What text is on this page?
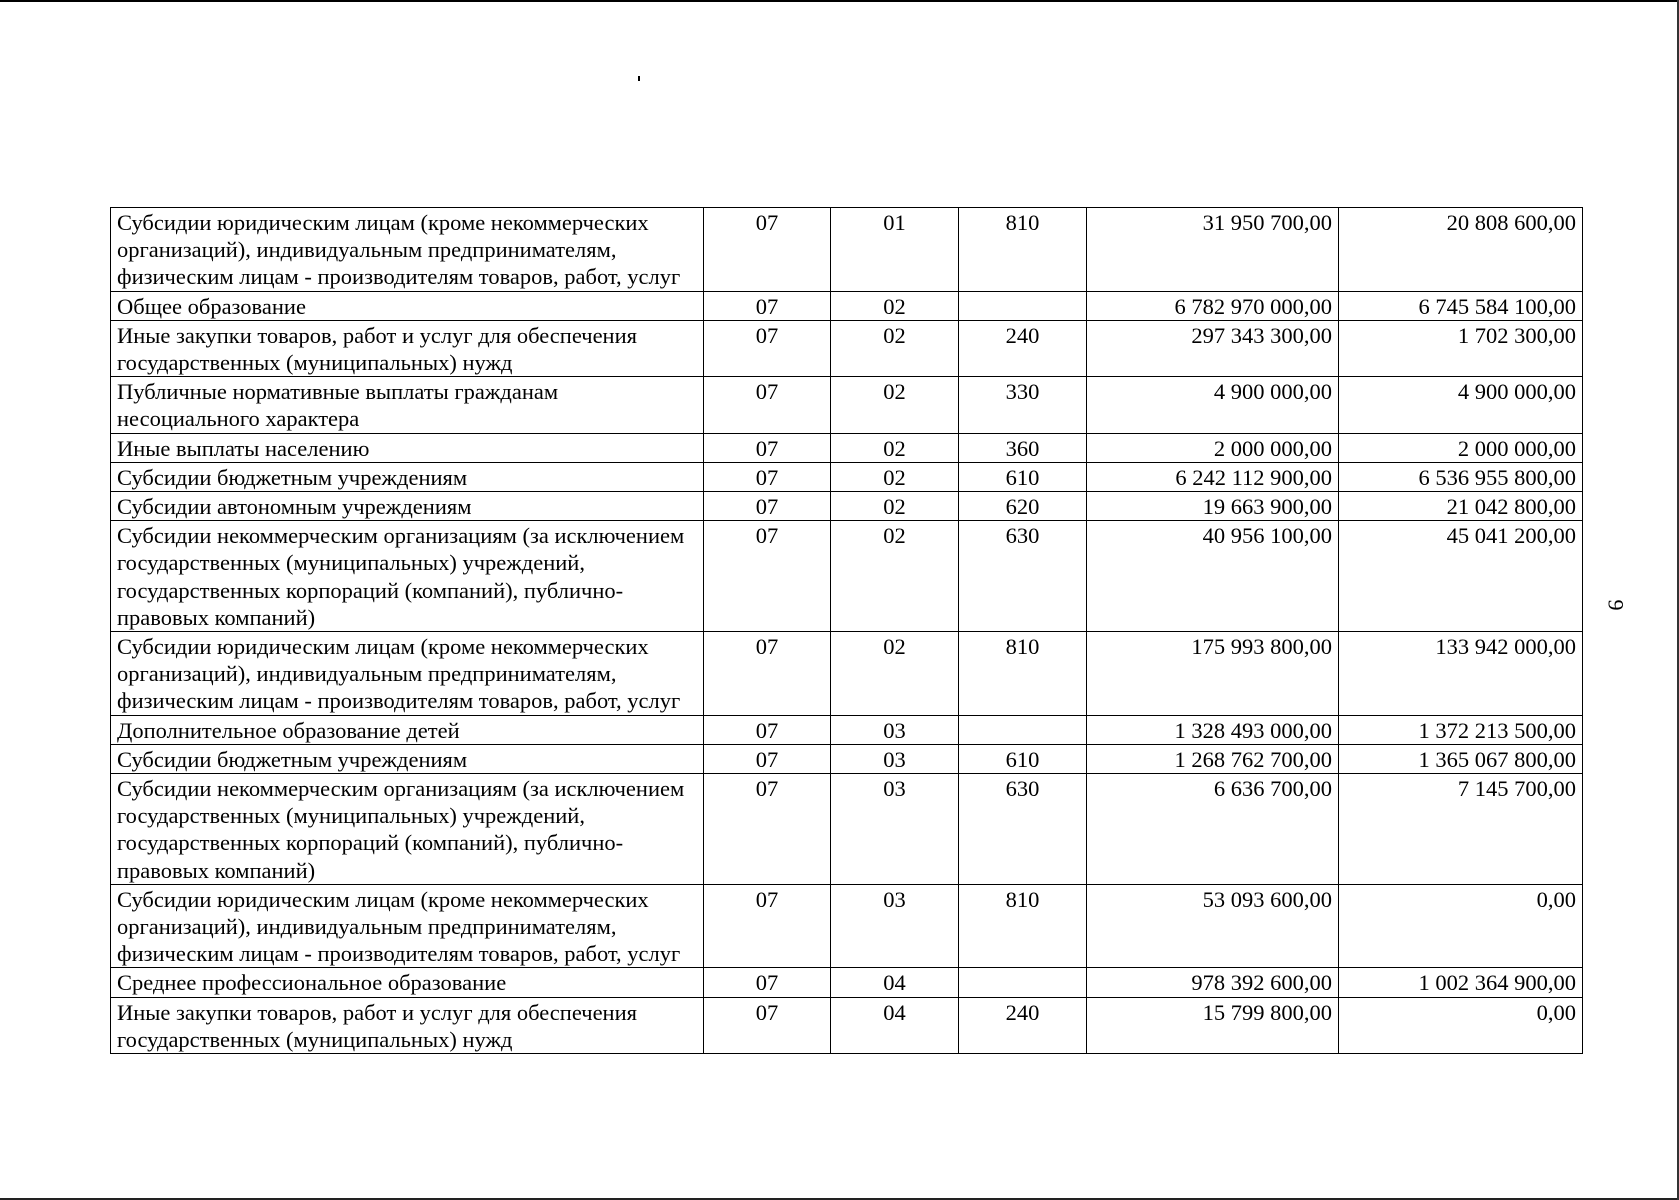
9
Субсидии юридическим лицам (кроме некоммерческих организаций), индивидуальным предпринимателям, физическим лицам - производителям товаров, работ, услуг	07	01	810	31 950 700,00	20 808 600,00
Общее образование	07	02		6 782 970 000,00	6 745 584 100,00
Иные закупки товаров, работ и услуг для обеспечения государственных (муниципальных) нужд	07	02	240	297 343 300,00	1 702 300,00
Публичные нормативные выплаты гражданам несоциального характера	07	02	330	4 900 000,00	4 900 000,00
Иные выплаты населению	07	02	360	2 000 000,00	2 000 000,00
Субсидии бюджетным учреждениям	07	02	610	6 242 112 900,00	6 536 955 800,00
Субсидии автономным учреждениям	07	02	620	19 663 900,00	21 042 800,00
Субсидии некоммерческим организациям (за исключением государственных (муниципальных) учреждений, государственных корпораций (компаний), публично-правовых компаний)	07	02	630	40 956 100,00	45 041 200,00
Субсидии юридическим лицам (кроме некоммерческих организаций), индивидуальным предпринимателям, физическим лицам - производителям товаров, работ, услуг	07	02	810	175 993 800,00	133 942 000,00
Дополнительное образование детей	07	03		1 328 493 000,00	1 372 213 500,00
Субсидии бюджетным учреждениям	07	03	610	1 268 762 700,00	1 365 067 800,00
Субсидии некоммерческим организациям (за исключением государственных (муниципальных) учреждений, государственных корпораций (компаний), публично-правовых компаний)	07	03	630	6 636 700,00	7 145 700,00
Субсидии юридическим лицам (кроме некоммерческих организаций), индивидуальным предпринимателям, физическим лицам - производителям товаров, работ, услуг	07	03	810	53 093 600,00	0,00
Среднее профессиональное образование	07	04		978 392 600,00	1 002 364 900,00
Иные закупки товаров, работ и услуг для обеспечения государственных (муниципальных) нужд	07	04	240	15 799 800,00	0,00
